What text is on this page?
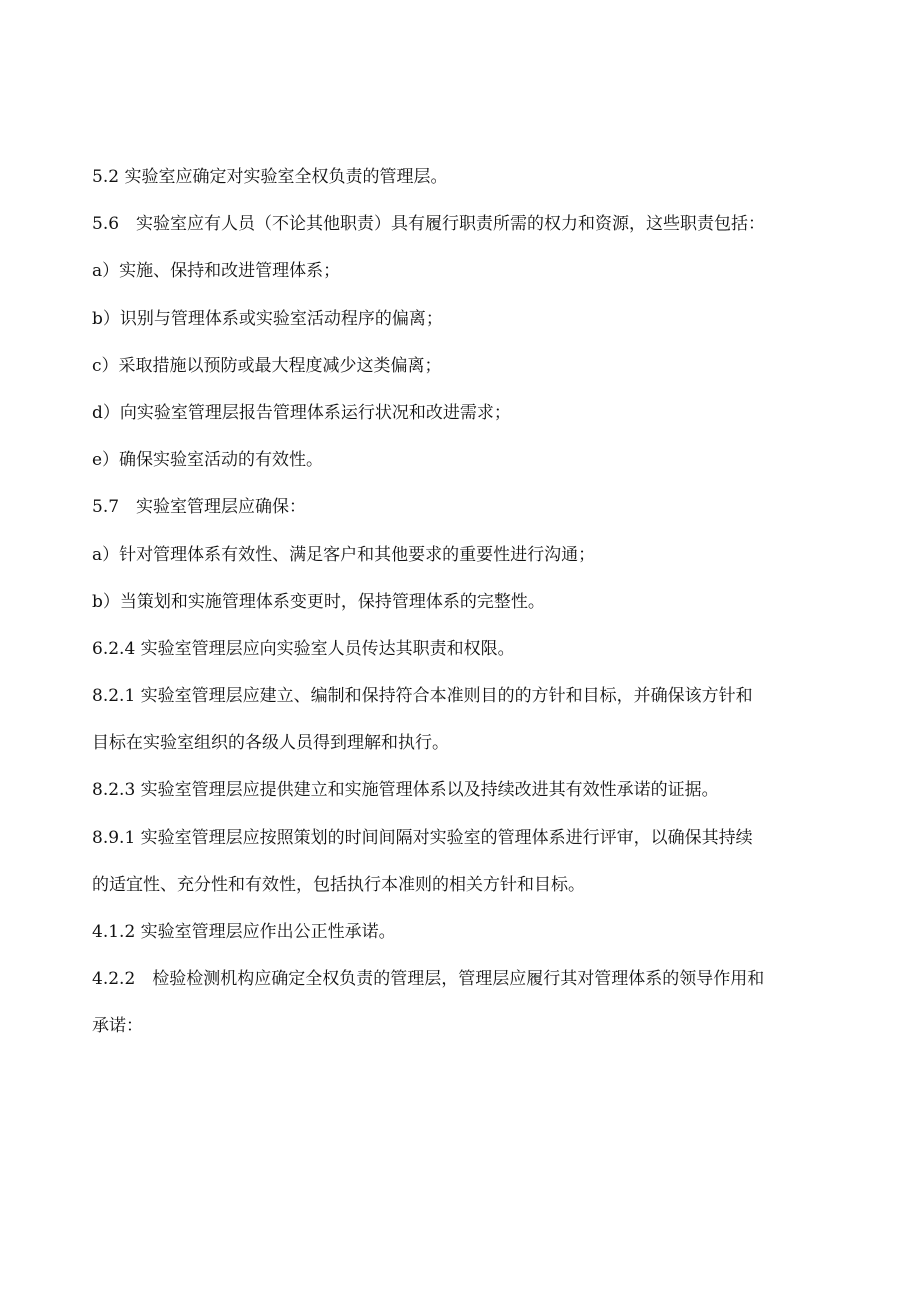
5.2 实验室应确定对实验室全权负责的管理层。
5.6　实验室应有人员（不论其他职责）具有履行职责所需的权力和资源，这些职责包括：
a）实施、保持和改进管理体系；
b）识别与管理体系或实验室活动程序的偏离；
c）采取措施以预防或最大程度减少这类偏离；
d）向实验室管理层报告管理体系运行状况和改进需求；
e）确保实验室活动的有效性。
5.7　实验室管理层应确保：
a）针对管理体系有效性、满足客户和其他要求的重要性进行沟通；
b）当策划和实施管理体系变更时，保持管理体系的完整性。
6.2.4 实验室管理层应向实验室人员传达其职责和权限。
8.2.1 实验室管理层应建立、编制和保持符合本准则目的的方针和目标，并确保该方针和
目标在实验室组织的各级人员得到理解和执行。
8.2.3 实验室管理层应提供建立和实施管理体系以及持续改进其有效性承诺的证据。
8.9.1 实验室管理层应按照策划的时间间隔对实验室的管理体系进行评审，以确保其持续
的适宜性、充分性和有效性，包括执行本准则的相关方针和目标。
4.1.2 实验室管理层应作出公正性承诺。
4.2.2　检验检测机构应确定全权负责的管理层，管理层应履行其对管理体系的领导作用和
承诺：
